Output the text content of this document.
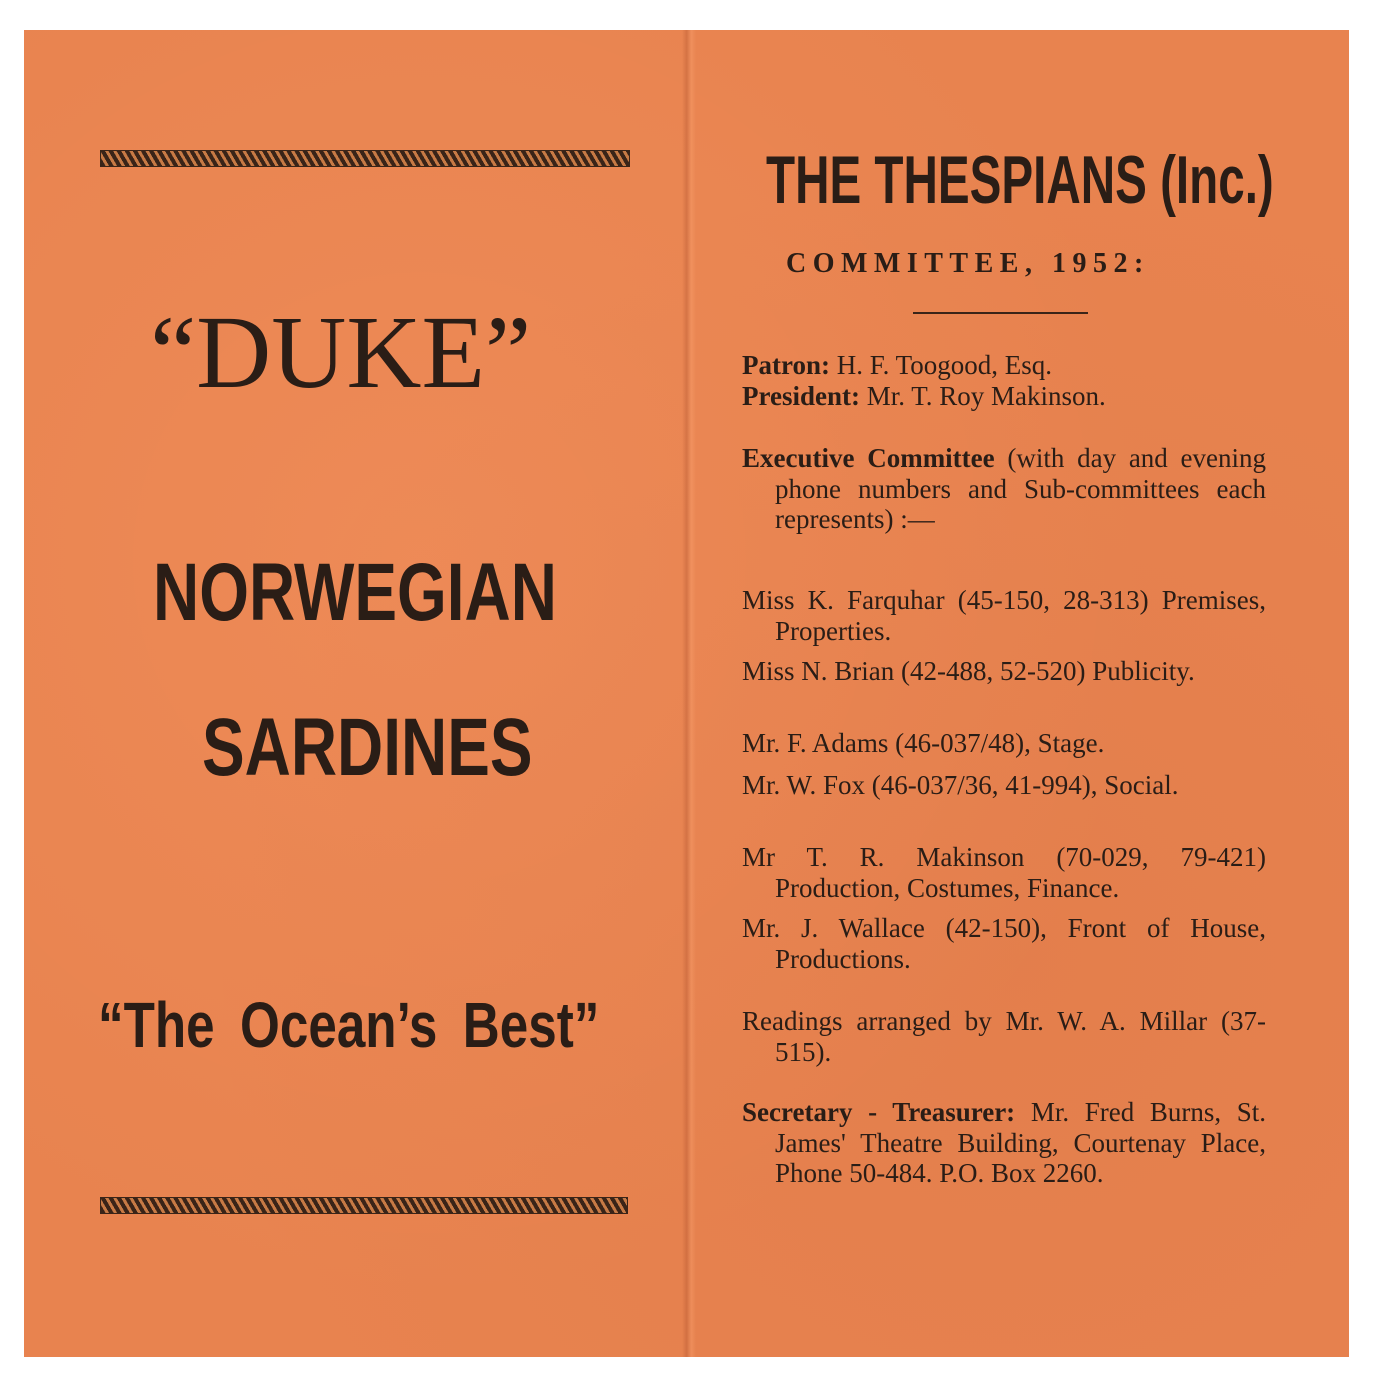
“DUKE”
NORWEGIAN
SARDINES
“The Ocean’s Best”
THE THESPIANS (Inc.)
COMMITTEE, 1952:
Patron: H. F. Toogood, Esq.
President: Mr. T. Roy Makinson.
Executive Committee (with day and evening phone numbers and Sub-committees each represents) :—
Miss K. Farquhar (45-150, 28-313) Premises, Properties.
Miss N. Brian (42-488, 52-520) Publicity.
Mr. F. Adams (46-037/48), Stage.
Mr. W. Fox (46-037/36, 41-994), Social.
Mr T. R. Makinson (70-029, 79-421) Production, Costumes, Finance.
Mr. J. Wallace (42-150), Front of House, Productions.
Readings arranged by Mr. W. A. Millar (37-515).
Secretary - Treasurer: Mr. Fred Burns, St. James' Theatre Building, Courtenay Place, Phone 50-484. P.O. Box 2260.
